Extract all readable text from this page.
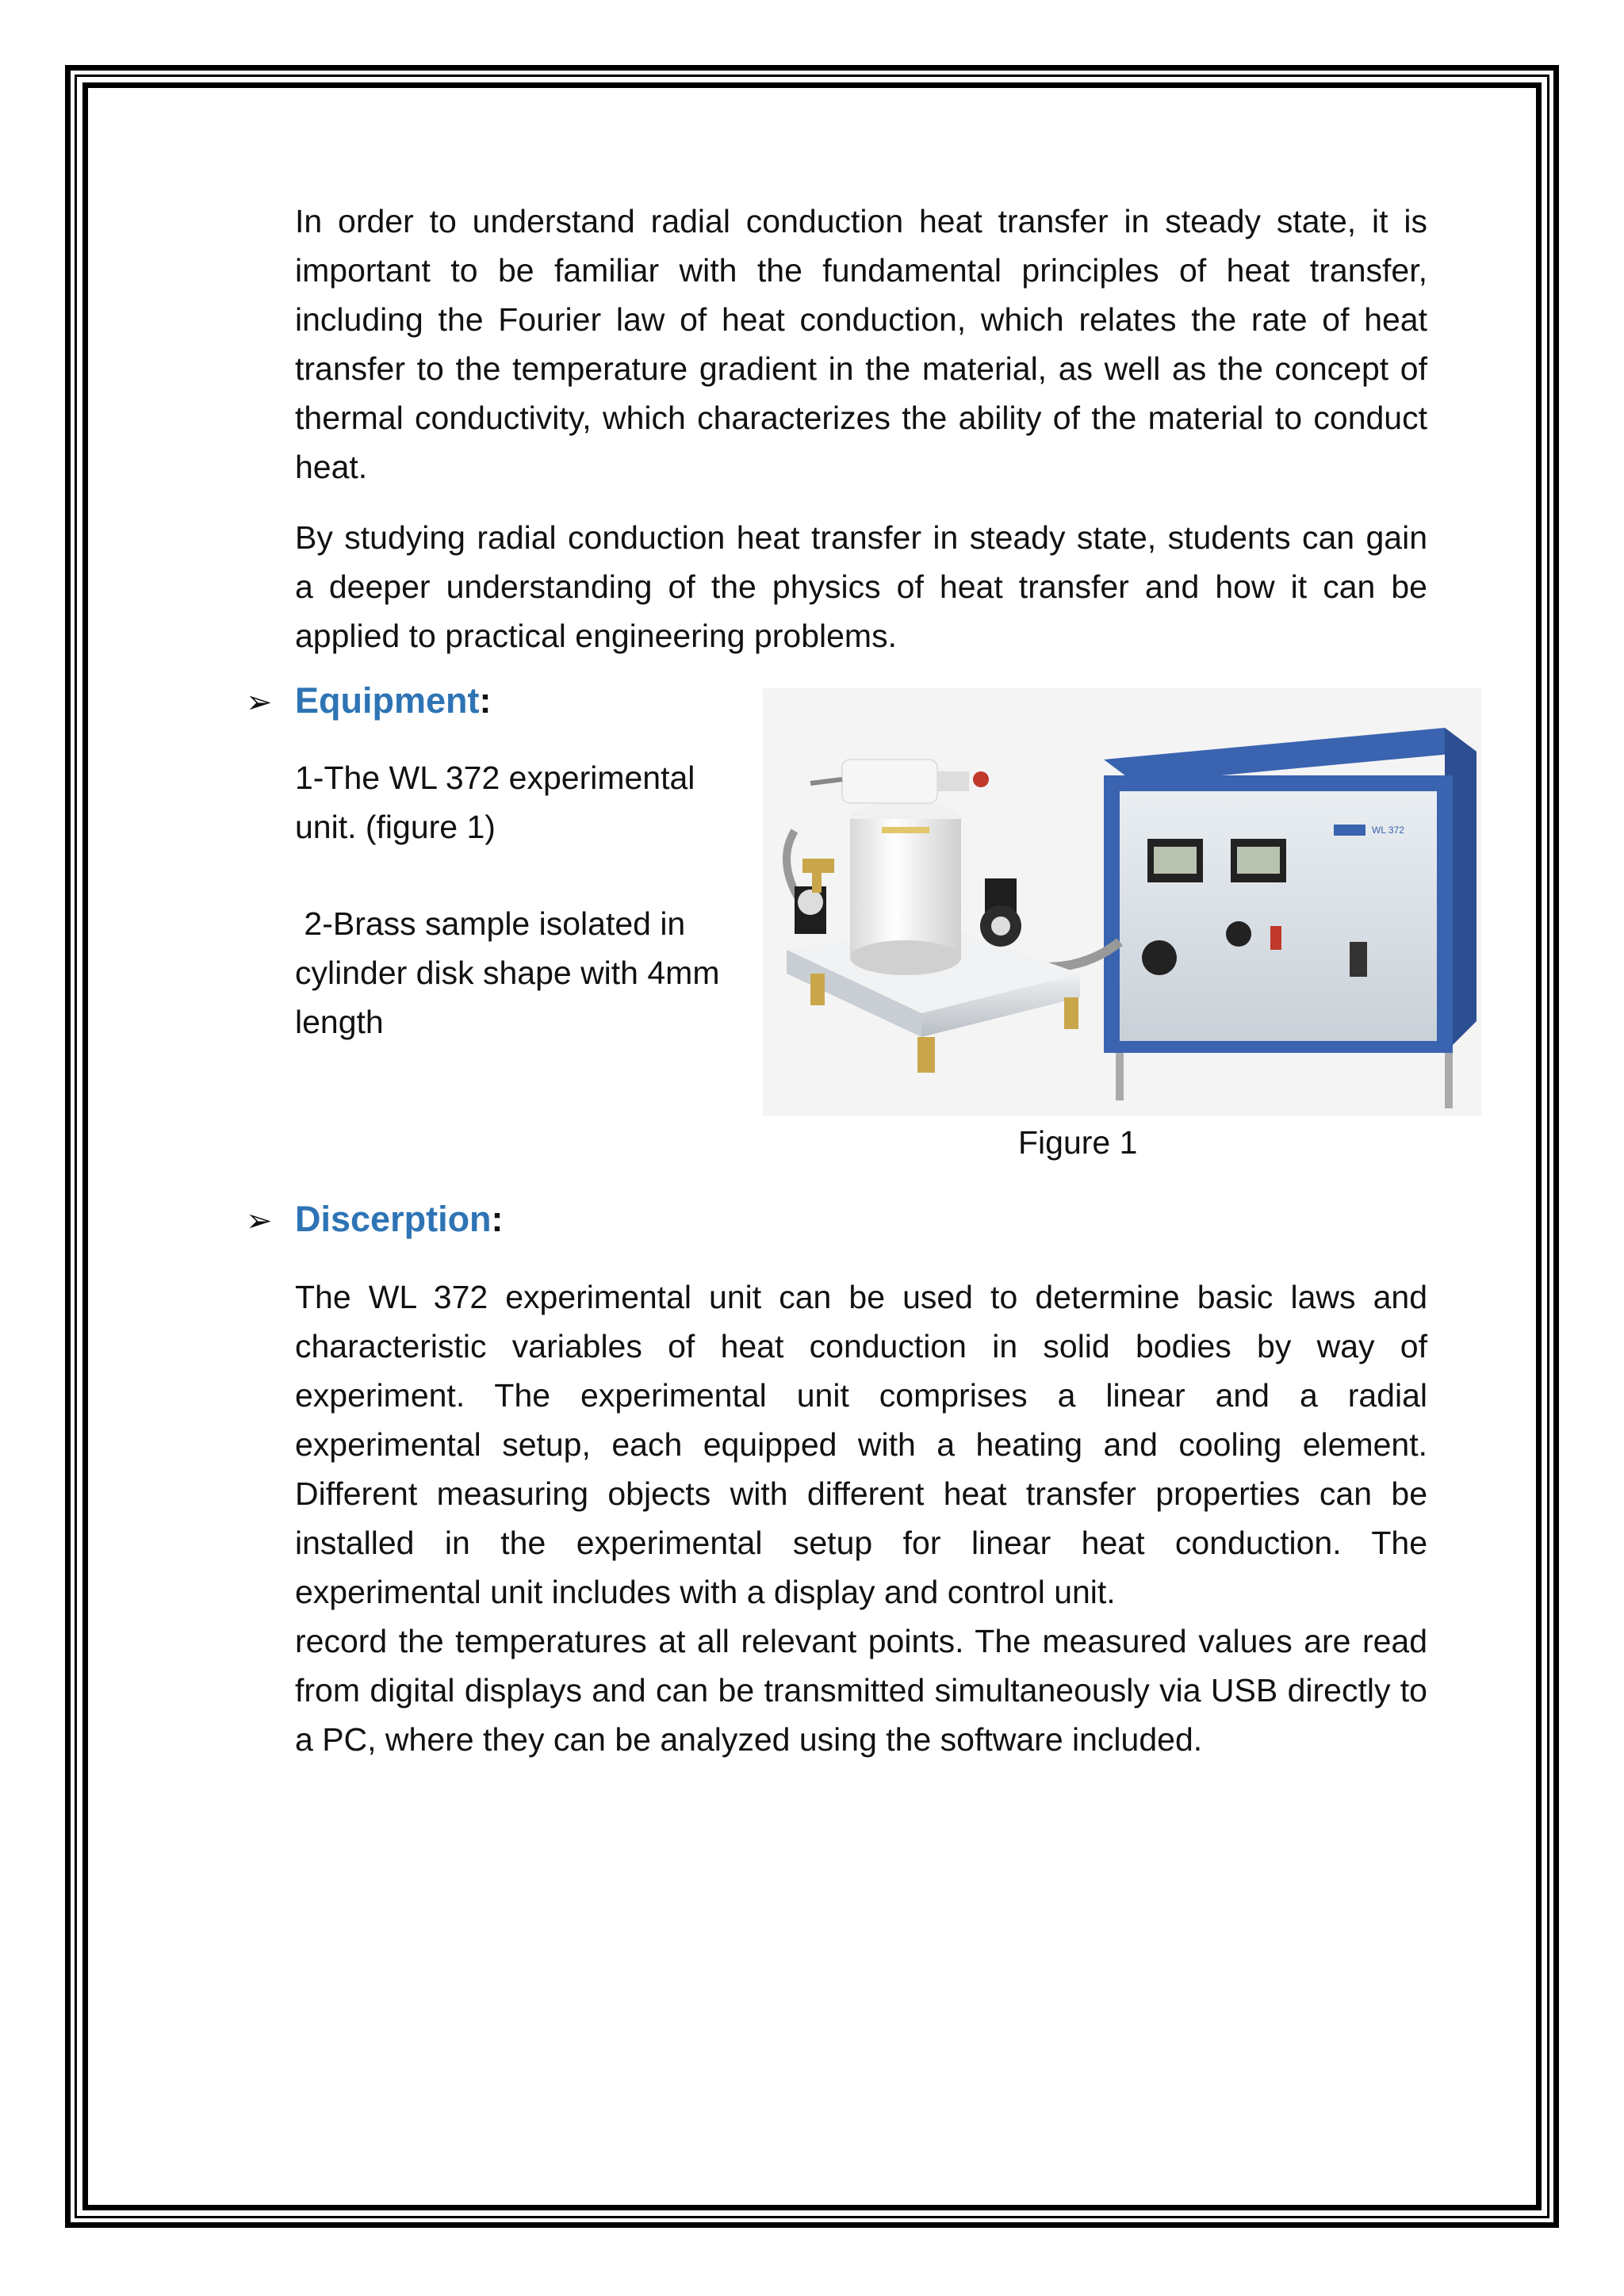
In order to understand radial conduction heat transfer in steady state, it is important to be familiar with the fundamental principles of heat transfer, including the Fourier law of heat conduction, which relates the rate of heat transfer to the temperature gradient in the material, as well as the concept of thermal conductivity, which characterizes the ability of the material to conduct heat.

By studying radial conduction heat transfer in steady state, students can gain a deeper understanding of the physics of heat transfer and how it can be applied to practical engineering problems.

➢ Equipment:

1-The WL 372 experimental unit. (figure 1)

2-Brass sample isolated in cylinder disk shape with 4mm length

WL 372
Figure 1
➢ Discerption:

The WL 372 experimental unit can be used to determine basic laws and characteristic variables of heat conduction in solid bodies by way of experiment. The experimental unit comprises a linear and a radial experimental setup, each equipped with a heating and cooling element. Different measuring objects with different heat transfer properties can be installed in the experimental setup for linear heat conduction. The experimental unit includes with a display and control unit.

record the temperatures at all relevant points. The measured values are read from digital displays and can be transmitted simultaneously via USB directly to a PC, where they can be analyzed using the software included.
